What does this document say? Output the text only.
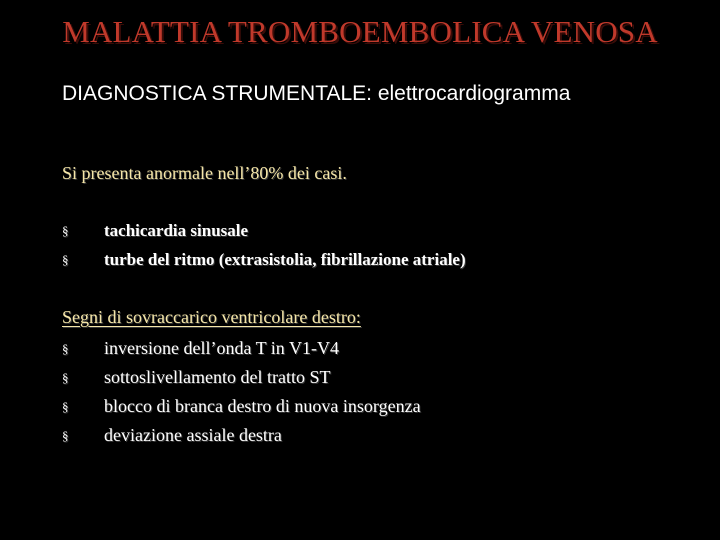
MALATTIA TROMBOEMBOLICA VENOSA
DIAGNOSTICA STRUMENTALE: elettrocardiogramma
Si presenta anormale nell’80% dei casi.
§	tachicardia sinusale
§	turbe del ritmo (extrasistolia, fibrillazione atriale)
Segni di sovraccarico ventricolare destro:
§	inversione dell’onda T in V1-V4
§	sottoslivellamento del tratto ST
§	blocco di branca destro di nuova insorgenza
§	deviazione assiale destra
